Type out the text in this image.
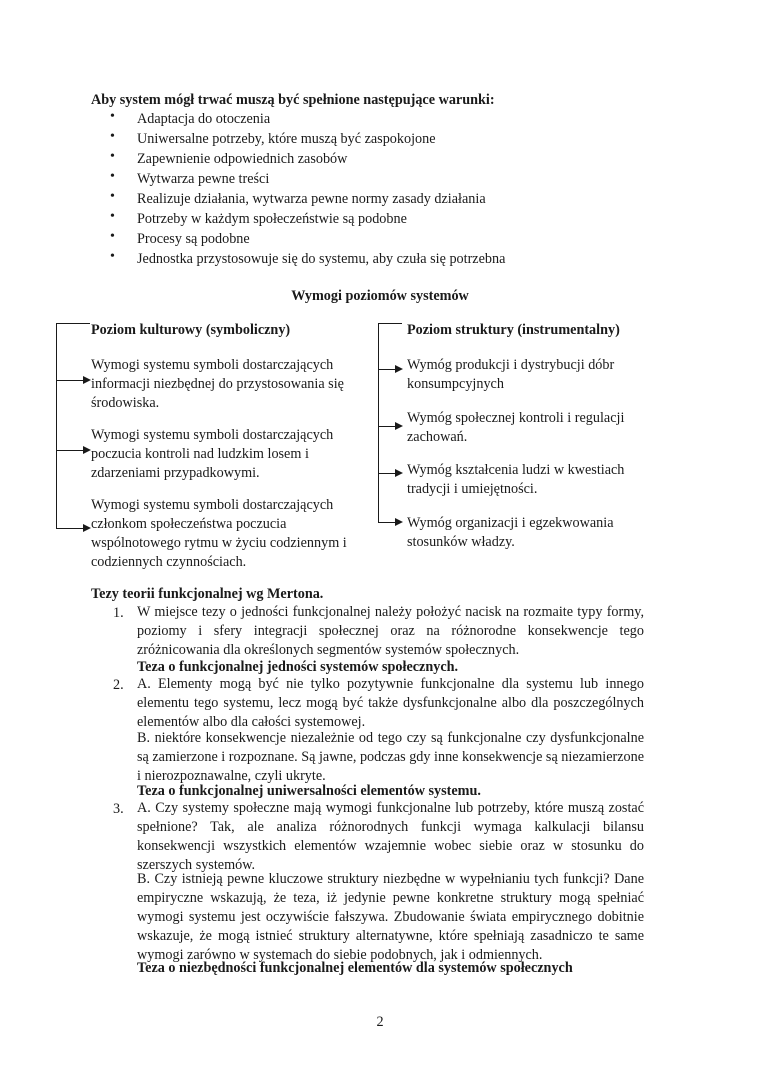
Aby system mógł trwać muszą być spełnione następujące warunki:
• Adaptacja do otoczenia
• Uniwersalne potrzeby, które muszą być zaspokojone
• Zapewnienie odpowiednich zasobów
• Wytwarza pewne treści
• Realizuje działania, wytwarza pewne normy zasady działania
• Potrzeby w każdym społeczeństwie są podobne
• Procesy są podobne
• Jednostka przystosowuje się do systemu, aby czuła się potrzebna
Wymogi poziomów systemów
Poziom kulturowy (symboliczny)
Wymogi systemu symboli dostarczających informacji niezbędnej do przystosowania się środowiska.
Wymogi systemu symboli dostarczających poczucia kontroli nad ludzkim losem i zdarzeniami przypadkowymi.
Wymogi systemu symboli dostarczających członkom społeczeństwa poczucia wspólnotowego rytmu w życiu codziennym i codziennych czynnościach.
Poziom struktury (instrumentalny)
Wymóg produkcji i dystrybucji dóbr konsumpcyjnych
Wymóg społecznej kontroli i regulacji zachowań.
Wymóg kształcenia ludzi w kwestiach tradycji i umiejętności.
Wymóg organizacji i egzekwowania stosunków władzy.
Tezy teorii funkcjonalnej wg Mertona.
1. W miejsce tezy o jedności funkcjonalnej należy położyć nacisk na rozmaite typy formy, poziomy i sfery integracji społecznej oraz na różnorodne konsekwencje tego zróżnicowania dla określonych segmentów systemów społecznych.
Teza o funkcjonalnej jedności systemów społecznych.
2. A. Elementy mogą być nie tylko pozytywnie funkcjonalne dla systemu lub innego elementu tego systemu, lecz mogą być także dysfunkcjonalne albo dla poszczególnych elementów albo dla całości systemowej.
B. niektóre konsekwencje niezależnie od tego czy są funkcjonalne czy dysfunkcjonalne są zamierzone i rozpoznane. Są jawne, podczas gdy inne konsekwencje są niezamierzone i nierozpoznawalne, czyli ukryte.
Teza o funkcjonalnej uniwersalności elementów systemu.
3. A. Czy systemy społeczne mają wymogi funkcjonalne lub potrzeby, które muszą zostać spełnione? Tak, ale analiza różnorodnych funkcji wymaga kalkulacji bilansu konsekwencji wszystkich elementów wzajemnie wobec siebie oraz w stosunku do szerszych systemów.
B. Czy istnieją pewne kluczowe struktury niezbędne w wypełnianiu tych funkcji? Dane empiryczne wskazują, że teza, iż jedynie pewne konkretne struktury mogą spełniać wymogi systemu jest oczywiście fałszywa. Zbudowanie świata empirycznego dobitnie wskazuje, że mogą istnieć struktury alternatywne, które spełniają zasadniczo te same wymogi zarówno w systemach do siebie podobnych, jak i odmiennych.
Teza o niezbędności funkcjonalnej elementów dla systemów społecznych
2
